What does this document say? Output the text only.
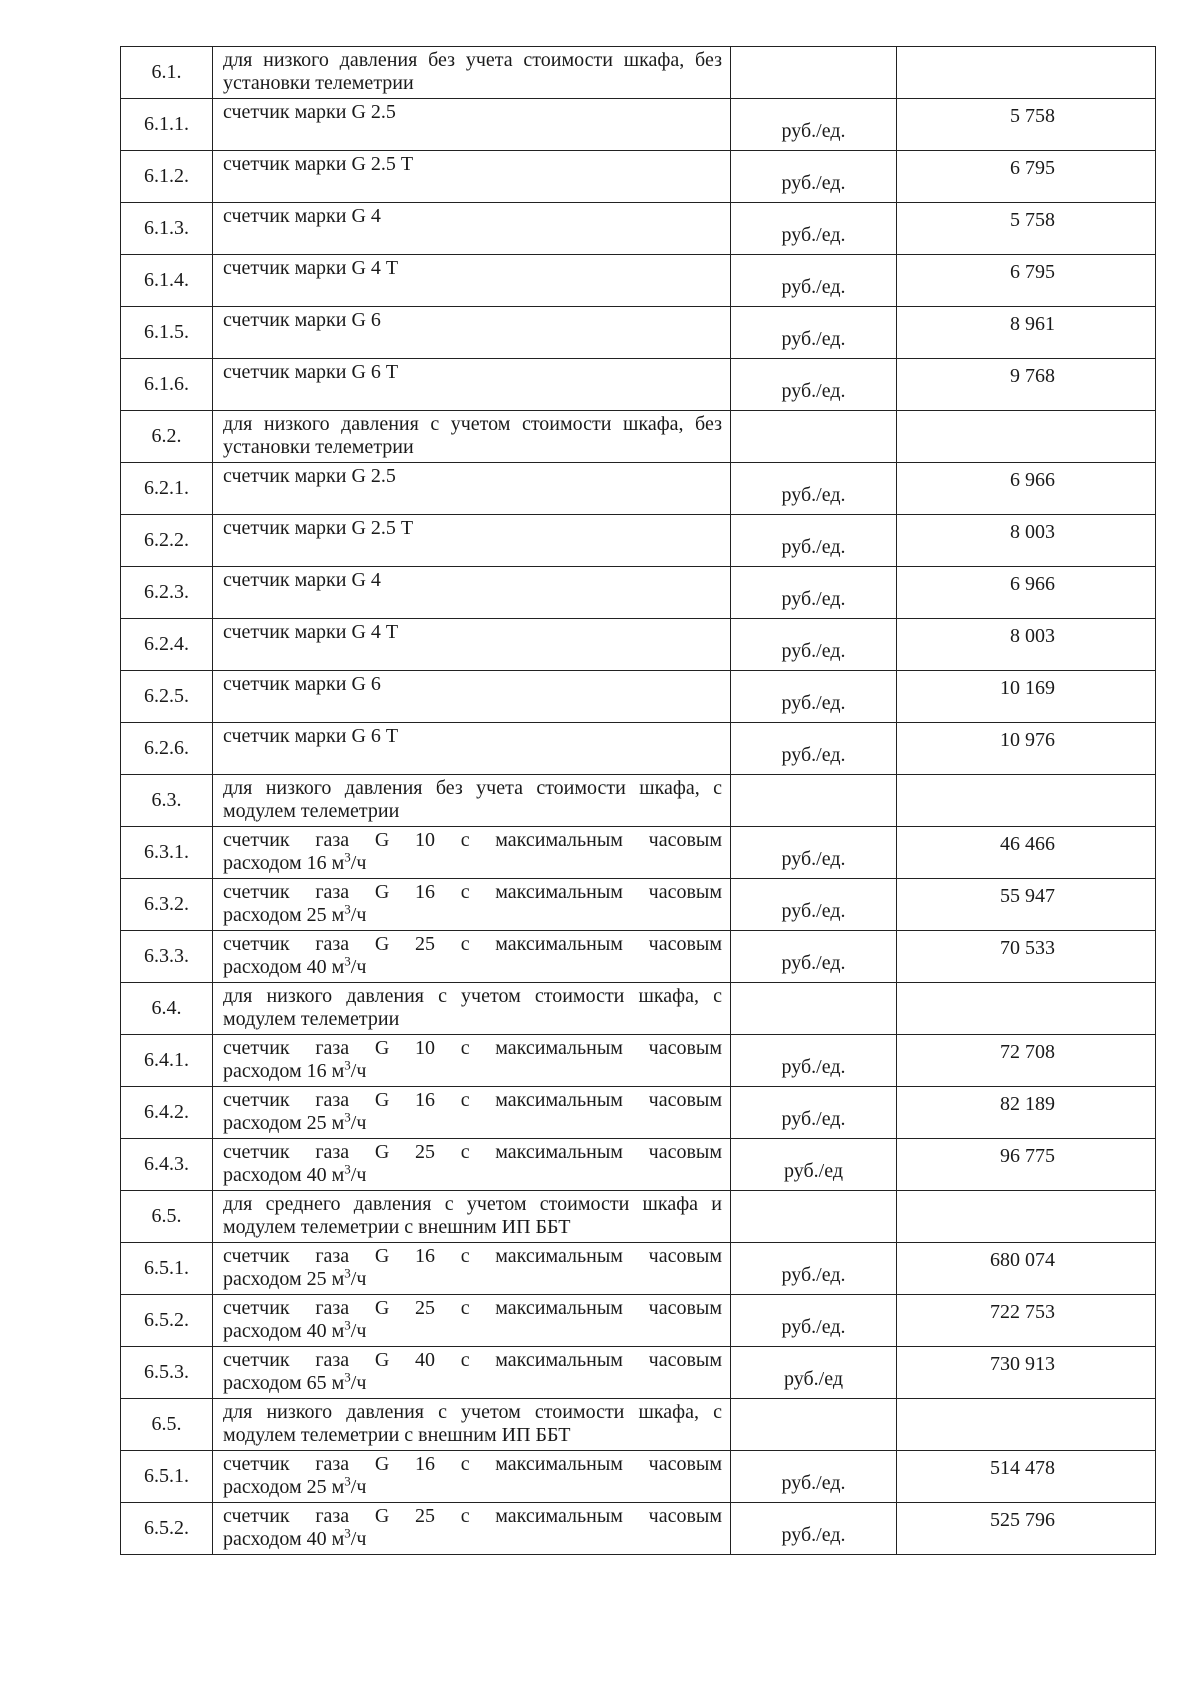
6.1.	для низкого давления без учета стоимости шкафа, без установки телеметрии		
6.1.1.	счетчик марки G 2.5	руб./ед.	5 758
6.1.2.	счетчик марки G 2.5 Т	руб./ед.	6 795
6.1.3.	счетчик марки G 4	руб./ед.	5 758
6.1.4.	счетчик марки G 4 Т	руб./ед.	6 795
6.1.5.	счетчик марки G 6	руб./ед.	8 961
6.1.6.	счетчик марки G 6 Т	руб./ед.	9 768
6.2.	для низкого давления с учетом стоимости шкафа, без установки телеметрии		
6.2.1.	счетчик марки G 2.5	руб./ед.	6 966
6.2.2.	счетчик марки G 2.5 Т	руб./ед.	8 003
6.2.3.	счетчик марки G 4	руб./ед.	6 966
6.2.4.	счетчик марки G 4 Т	руб./ед.	8 003
6.2.5.	счетчик марки G 6	руб./ед.	10 169
6.2.6.	счетчик марки G 6 Т	руб./ед.	10 976
6.3.	для низкого давления без учета стоимости шкафа, с модулем телеметрии		
6.3.1.	счетчик газа G 10 с максимальным часовым
расходом 16 $м^3/ч$	руб./ед.	46 466
6.3.2.	счетчик газа G 16 с максимальным часовым
расходом 25 $м^3/ч$	руб./ед.	55 947
6.3.3.	счетчик газа G 25 с максимальным часовым
расходом 40 $м^3/ч$	руб./ед.	70 533
6.4.	для низкого давления с учетом стоимости шкафа, с модулем телеметрии		
6.4.1.	счетчик газа G 10 с максимальным часовым
расходом 16 $м^3/ч$	руб./ед.	72 708
6.4.2.	счетчик газа G 16 с максимальным часовым
расходом 25 $м^3/ч$	руб./ед.	82 189
6.4.3.	счетчик газа G 25 с максимальным часовым
расходом 40 $м^3/ч$	руб./ед	96 775
6.5.	для среднего давления с учетом стоимости шкафа и модулем телеметрии с внешним ИП ББТ		
6.5.1.	счетчик газа G 16 с максимальным часовым
расходом 25 $м^3/ч$	руб./ед.	680 074
6.5.2.	счетчик газа G 25 с максимальным часовым
расходом 40 $м^3/ч$	руб./ед.	722 753
6.5.3.	счетчик газа G 40 с максимальным часовым
расходом 65 $м^3/ч$	руб./ед	730 913
6.5.	для низкого давления с учетом стоимости шкафа, с модулем телеметрии с внешним ИП ББТ		
6.5.1.	счетчик газа G 16 с максимальным часовым
расходом 25 $м^3/ч$	руб./ед.	514 478
6.5.2.	счетчик газа G 25 с максимальным часовым
расходом 40 $м^3/ч$	руб./ед.	525 796
